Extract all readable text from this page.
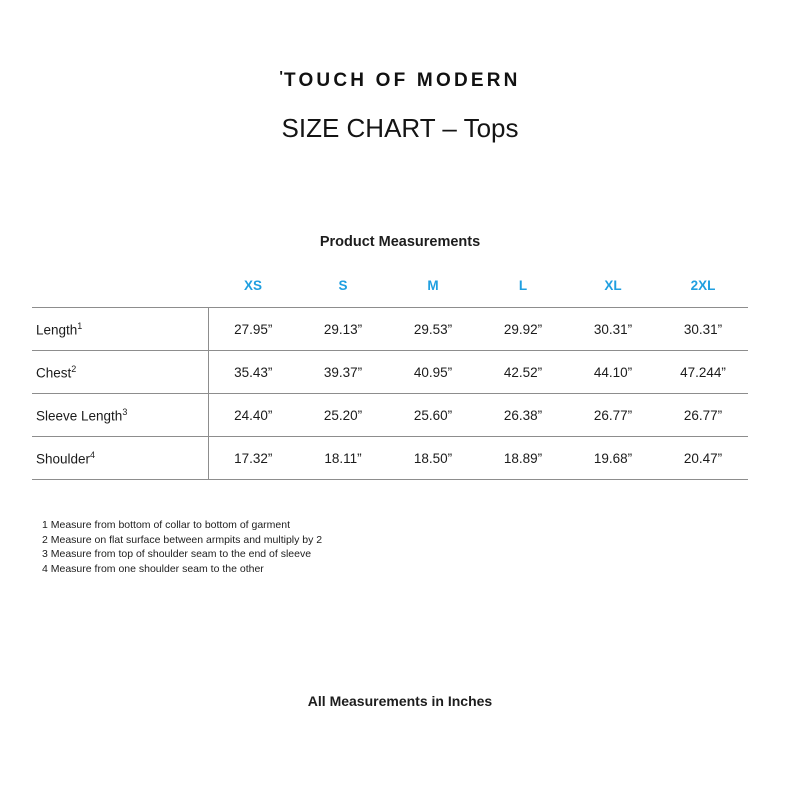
'TOUCH OF MODERN
SIZE CHART – Tops
Product Measurements
	XS	S	M	L	XL	2XL
Length$^1$	27.95”	29.13”	29.53”	29.92”	30.31”	30.31”
Chest$^2$	35.43”	39.37”	40.95”	42.52”	44.10”	47.244”
Sleeve Length$^3$	24.40”	25.20”	25.60”	26.38”	26.77”	26.77”
Shoulder$^4$	17.32”	18.11”	18.50”	18.89”	19.68”	20.47”
1 Measure from bottom of collar to bottom of garment
2 Measure on flat surface between armpits and multiply by 2
3 Measure from top of shoulder seam to the end of sleeve
4 Measure from one shoulder seam to the other
All Measurements in Inches
